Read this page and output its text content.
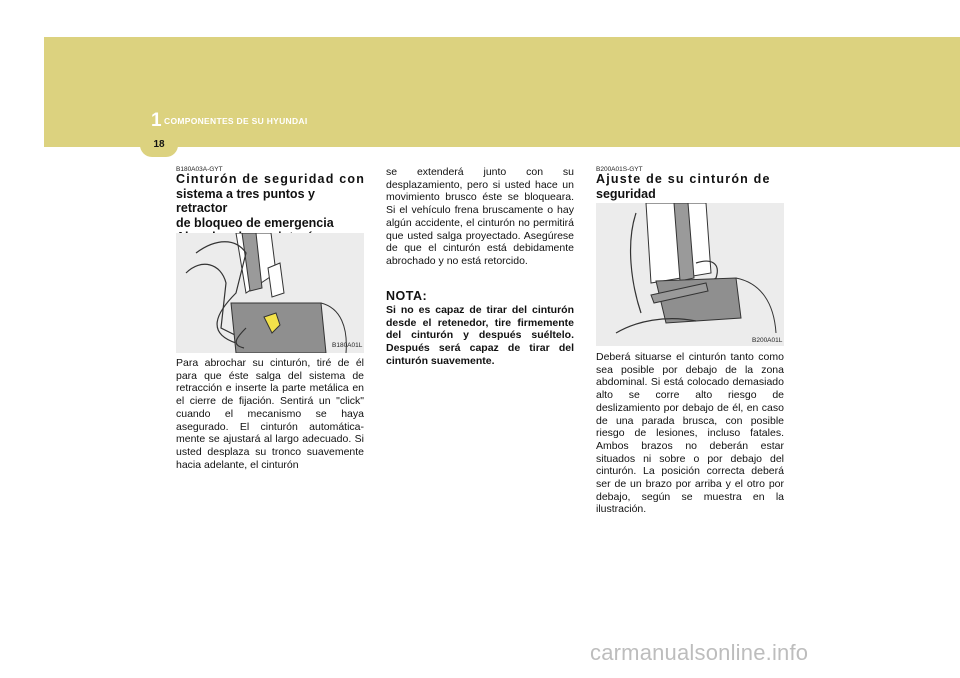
1 COMPONENTES DE SU HYUNDAI
18
B180A03A-GYT
Cinturón de seguridad con
sistema a tres puntos y retractor
de bloqueo de emergencia
B180A01L
Para abrochar su cinturón, tiré de él para que éste salga del sistema de retracción e inserte la parte metálica en el cierre de fijación. Sentirá un "click" cuando el mecanismo se haya asegurado. El cinturón automática-mente se ajustará al largo adecuado. Si usted desplaza su tronco suavemente hacia adelante, el cinturón
se extenderá junto con su desplazamiento, pero si usted hace un movimiento brusco éste se bloqueara. Si el vehículo frena bruscamente o hay algún accidente, el cinturón no permitirá que usted salga proyectado. Asegúrese de que el cinturón está debidamente abrochado y no está retorcido.
NOTA:
Si no es capaz de tirar del cinturón desde el retenedor, tire firmemente del cinturón y después suéltelo. Después será capaz de tirar del cinturón suavemente.
B200A01S-GYT
Ajuste de su cinturón de
seguridad
B200A01L
Deberá situarse el cinturón tanto como sea posible por debajo de la zona abdominal. Si está colocado demasiado alto se corre alto riesgo de deslizamiento por debajo de él, en caso de una parada brusca, con posible riesgo de lesiones, incluso fatales. Ambos brazos no deberán estar situados ni sobre o por debajo del cinturón. La posición correcta deberá ser de un brazo por arriba y el otro por debajo, según se muestra en la ilustración.
carmanualsonline.info
